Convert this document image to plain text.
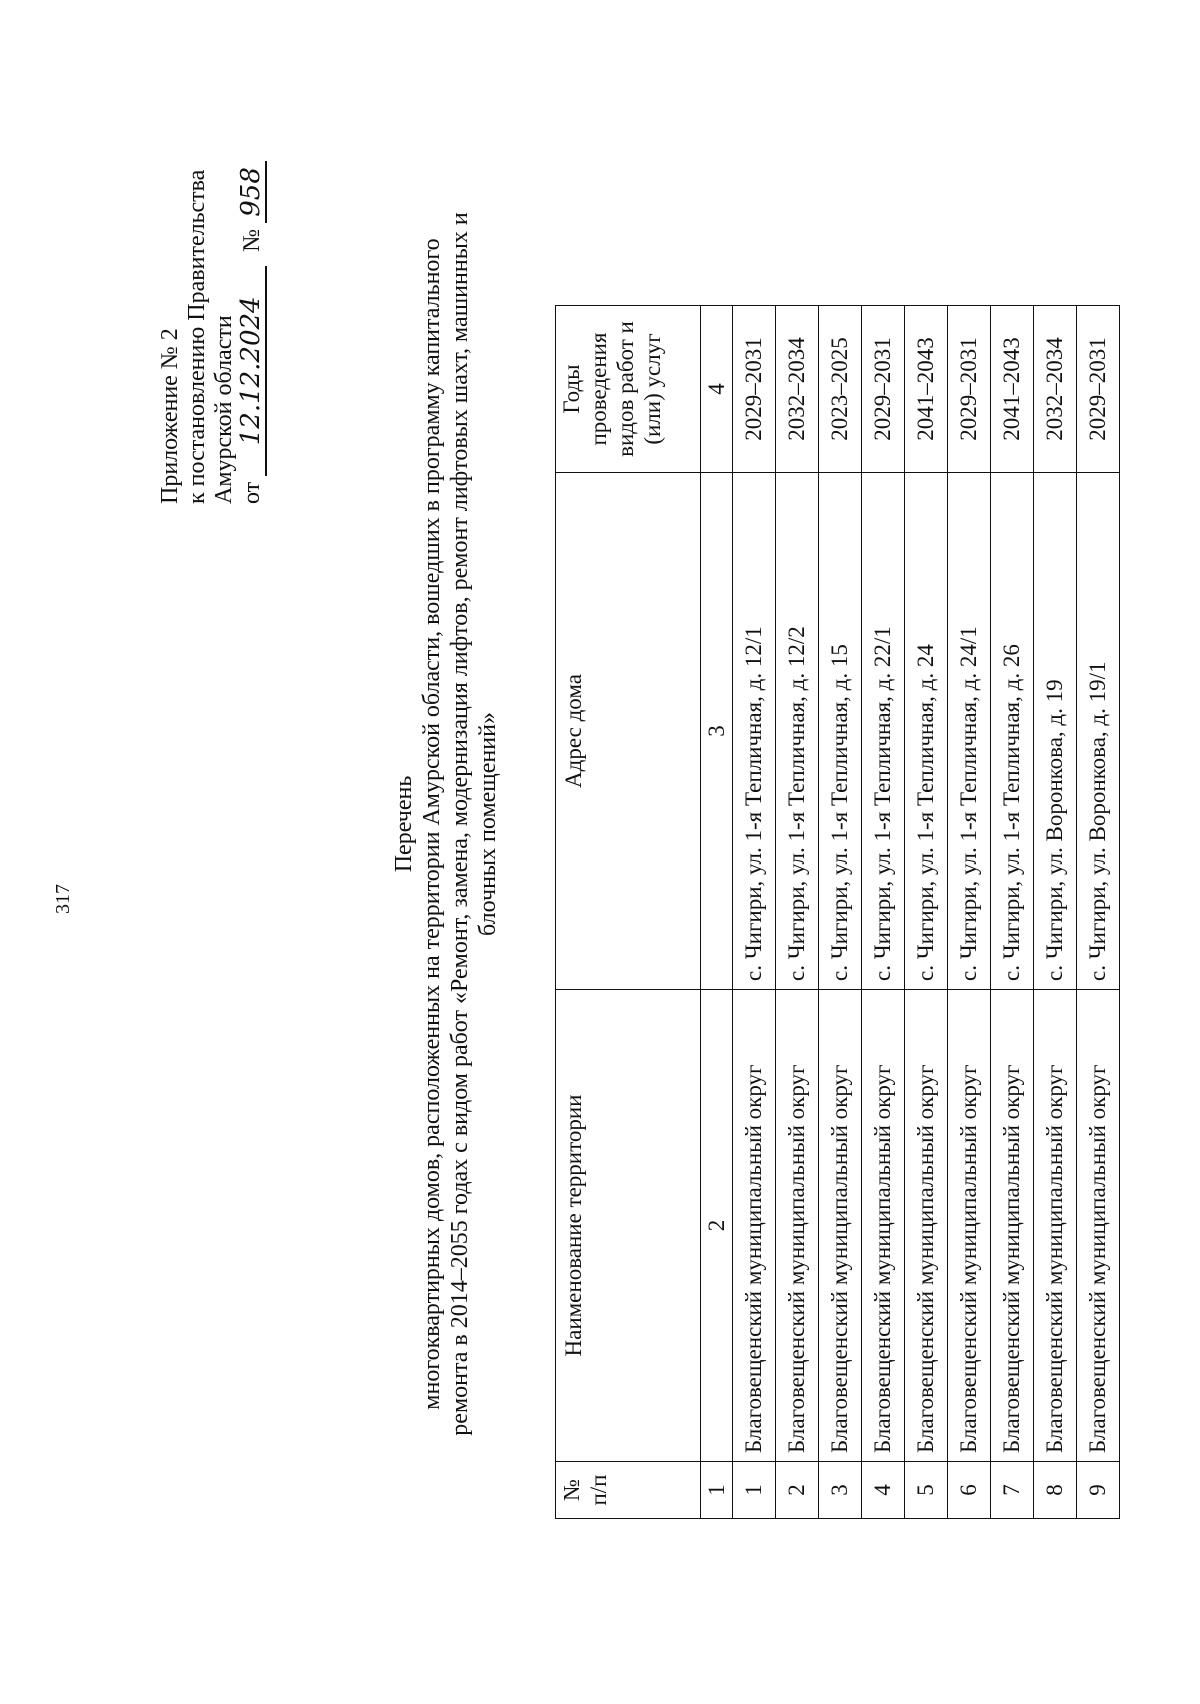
317
Приложение № 2 к постановлению Правительства Амурской области от 12.12.2024 № 958
Перечень многоквартирных домов, расположенных на территории Амурской области, вошедших в программу капитального ремонта в 2014–2055 годах с видом работ «Ремонт, замена, модернизация лифтов, ремонт лифтовых шахт, машинных и блочных помещений»
№ п/п	Наименование территории	Адрес дома	Годы проведения видов работ и (или) услуг
1	2	3	4
1	Благовещенский муниципальный округ	с. Чигири, ул. 1-я Тепличная, д. 12/1	2029–2031
2	Благовещенский муниципальный округ	с. Чигири, ул. 1-я Тепличная, д. 12/2	2032–2034
3	Благовещенский муниципальный округ	с. Чигири, ул. 1-я Тепличная, д. 15	2023–2025
4	Благовещенский муниципальный округ	с. Чигири, ул. 1-я Тепличная, д. 22/1	2029–2031
5	Благовещенский муниципальный округ	с. Чигири, ул. 1-я Тепличная, д. 24	2041–2043
6	Благовещенский муниципальный округ	с. Чигири, ул. 1-я Тепличная, д. 24/1	2029–2031
7	Благовещенский муниципальный округ	с. Чигири, ул. 1-я Тепличная, д. 26	2041–2043
8	Благовещенский муниципальный округ	с. Чигири, ул. Воронкова, д. 19	2032–2034
9	Благовещенский муниципальный округ	с. Чигири, ул. Воронкова, д. 19/1	2029–2031
